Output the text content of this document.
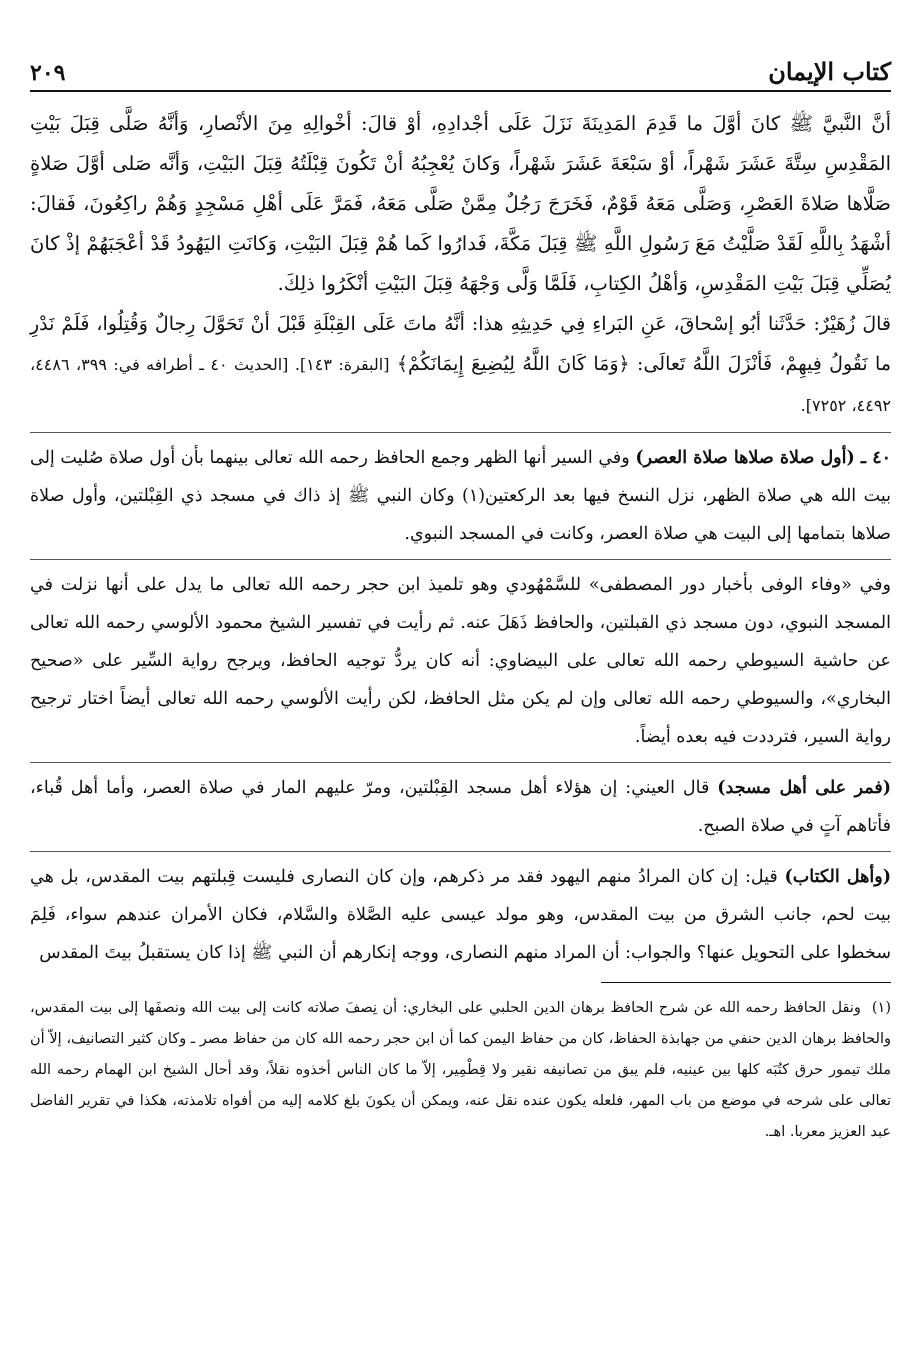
كتاب الإيمان
٢٠٩

أنَّ النَّبيَّ ﷺ كانَ أوَّلَ ما قَدِمَ المَدِينَةَ نَزَلَ عَلَى أجْدادِهِ، أوْ قالَ: أخْوالِهِ مِنَ الأنْصارِ، وَأنَّهُ صَلَّى قِبَلَ بَيْتِ المَقْدِسِ سِتَّةَ عَشَرَ شَهْراً، أوْ سَبْعَةَ عَشَرَ شَهْراً، وَكانَ يُعْجِبُهُ أنْ تَكُونَ قِبْلَتُهُ قِبَلَ البَيْتِ، وَأنَّه صَلى أوَّلَ صَلاةٍ صَلَّاها صَلاةَ العَصْرِ، وَصَلَّى مَعَهُ قَوْمٌ، فَخَرَجَ رَجُلٌ مِمَّنْ صَلَّى مَعَهُ، فَمَرَّ عَلَى أهْلِ مَسْجِدٍ وَهُمْ راكِعُونَ، فَقالَ: أشْهَدُ بِاللَّهِ لَقَدْ صَلَّيْتُ مَعَ رَسُولِ اللَّهِ ﷺ قِبَلَ مَكَّةَ، فَدارُوا كَما هُمْ قِبَلَ البَيْتِ، وَكانَتِ اليَهُودُ قَدْ أعْجَبَهُمْ إذْ كانَ يُصَلِّي قِبَلَ بَيْتِ المَقْدِسِ، وَأهْلُ الكِتابِ، فَلَمَّا وَلَّى وَجْهَهُ قِبَلَ البَيْتِ أنْكَرُوا ذلِكَ.

قالَ زُهَيْرٌ: حَدَّثَنا أبُو إسْحاقَ، عَنِ البَراءِ فِي حَدِيثِهِ هذا: أنَّهُ ماتَ عَلَى القِبْلَةِ قَبْلَ أنْ تَحَوَّلَ رِجالٌ وَقُتِلُوا، فَلَمْ نَدْرِ ما نَقُولُ فِيهِمْ، فَأنْزَلَ اللَّهُ تَعالَى: ﴿وَمَا كَانَ اللَّهُ لِيُضِيعَ إِيمَانَكُمْ﴾ [البقرة: ١٤٣]. [الحديث ٤٠ ـ أطرافه في: ٣٩٩، ٤٤٨٦، ٤٤٩٢، ٧٢٥٢].

٤٠ ـ (أول صلاة صلاها صلاة العصر) وفي السير أنها الظهر وجمع الحافظ رحمه الله تعالى بينهما بأن أول صلاة صُليت إلى بيت الله هي صلاة الظهر، نزل النسخ فيها بعد الركعتين(١) وكان النبي ﷺ إذ ذاك في مسجد ذي القِبْلتين، وأول صلاة صلاها بتمامها إلى البيت هي صلاة العصر، وكانت في المسجد النبوي.

وفي «وفاء الوفى بأخبار دور المصطفى» للسَّمْهُودي وهو تلميذ ابن حجر رحمه الله تعالى ما يدل على أنها نزلت في المسجد النبوي، دون مسجد ذي القبلتين، والحافظ ذَهَلَ عنه. ثم رأيت في تفسير الشيخ محمود الألوسي رحمه الله تعالى عن حاشية السيوطي رحمه الله تعالى على البيضاوي: أنه كان يردُّ توجيه الحافظ، ويرجح رواية السِّير على «صحيح البخاري»، والسيوطي رحمه الله تعالى وإن لم يكن مثل الحافظ، لكن رأيت الألوسي رحمه الله تعالى أيضاً اختار ترجيح رواية السير، فترددت فيه بعده أيضاً.

(فمر على أهل مسجد) قال العيني: إن هؤلاء أهل مسجد القِبْلتين، ومرّ عليهم المار في صلاة العصر، وأما أهل قُباء، فأتاهم آتٍ في صلاة الصبح.

(وأهل الكتاب) قيل: إن كان المرادُ منهم اليهود فقد مر ذكرهم، وإن كان النصارى فليست قِبلتهم بيت المقدس، بل هي بيت لحم، جانب الشرق من بيت المقدس، وهو مولد عيسى عليه الصَّلاة والسَّلام، فكان الأمران عندهم سواء، فَلِمَ سخطوا على التحويل عنها؟ والجواب: أن المراد منهم النصارى، ووجه إنكارهم أن النبي ﷺ إذا كان يستقبلُ بيتَ المقدس

(١)  ونقل الحافظ رحمه الله عن شرح الحافظ برهان الدين الحلبي على البخاري: أن نِصفَ صلاته كانت إلى بيت الله ونصفَها إلى بيت المقدس، والحافظ برهان الدين حنفي من جهابذة الحفاظ، كان من حفاظ اليمن كما أن ابن حجر رحمه الله كان من حفاظ مصر ـ وكان كثير التصانيف، إلاّ أن ملك تيمور حرق كتُبَه كلها بين عينيه، فلم يبق من تصانيفه نقير ولا قِطْمِير، إلاّ ما كان الناس أخذوه نقلاً، وقد أحال الشيخ ابن الهمام رحمه الله تعالى على شرحه في موضع من باب المهر، فلعله يكون عنده نقل عنه، ويمكن أن يكونَ بلغ كلامه إليه من أفواه تلامذته، هكذا في تقرير الفاضل عبد العزيز معربا. اهـ.
